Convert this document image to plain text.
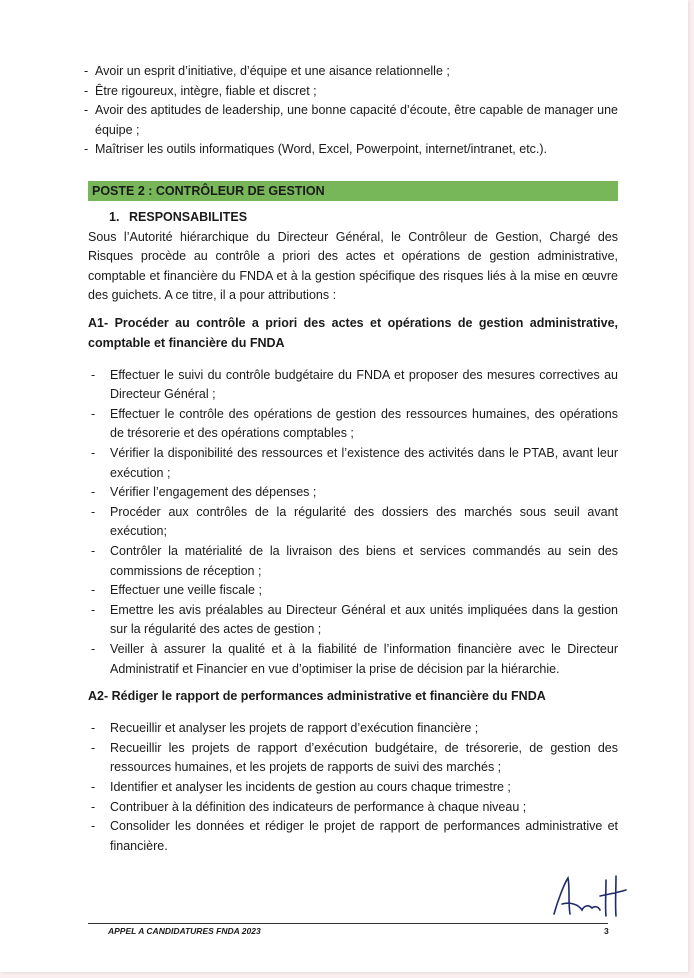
- Avoir un esprit d’initiative, d’équipe et une aisance relationnelle ;

- Être rigoureux, intègre, fiable et discret ;

- Avoir des aptitudes de leadership, une bonne capacité d’écoute, être capable de manager une équipe ;

- Maîtriser les outils informatiques (Word, Excel, Powerpoint, internet/intranet, etc.).

POSTE 2 : CONTRÔLEUR DE GESTION
1. RESPONSABILITES

Sous l’Autorité hiérarchique du Directeur Général, le Contrôleur de Gestion, Chargé des Risques procède au contrôle a priori des actes et opérations de gestion administrative, comptable et financière du FNDA et à la gestion spécifique des risques liés à la mise en œuvre des guichets. A ce titre, il a pour attributions :

A1- Procéder au contrôle a priori des actes et opérations de gestion administrative, comptable et financière du FNDA

- Effectuer le suivi du contrôle budgétaire du FNDA et proposer des mesures correctives au Directeur Général ;

- Effectuer le contrôle des opérations de gestion des ressources humaines, des opérations de trésorerie et des opérations comptables ;

- Vérifier la disponibilité des ressources et l’existence des activités dans le PTAB, avant leur exécution ;

- Vérifier l’engagement des dépenses ;

- Procéder aux contrôles de la régularité des dossiers des marchés sous seuil avant exécution;

- Contrôler la matérialité de la livraison des biens et services commandés au sein des commissions de réception ;

- Effectuer une veille fiscale ;

- Emettre les avis préalables au Directeur Général et aux unités impliquées dans la gestion sur la régularité des actes de gestion ;

- Veiller à assurer la qualité et à la fiabilité de l’information financière avec le Directeur Administratif et Financier en vue d’optimiser la prise de décision par la hiérarchie.

A2- Rédiger le rapport de performances administrative et financière du FNDA

- Recueillir et analyser les projets de rapport d’exécution financière ;

- Recueillir les projets de rapport d’exécution budgétaire, de trésorerie, de gestion des ressources humaines, et les projets de rapports de suivi des marchés ;

- Identifier et analyser les incidents de gestion au cours chaque trimestre ;

- Contribuer à la définition des indicateurs de performance à chaque niveau ;

- Consolider les données et rédiger le projet de rapport de performances administrative et financière.

APPEL A CANDIDATURES FNDA 2023	3
